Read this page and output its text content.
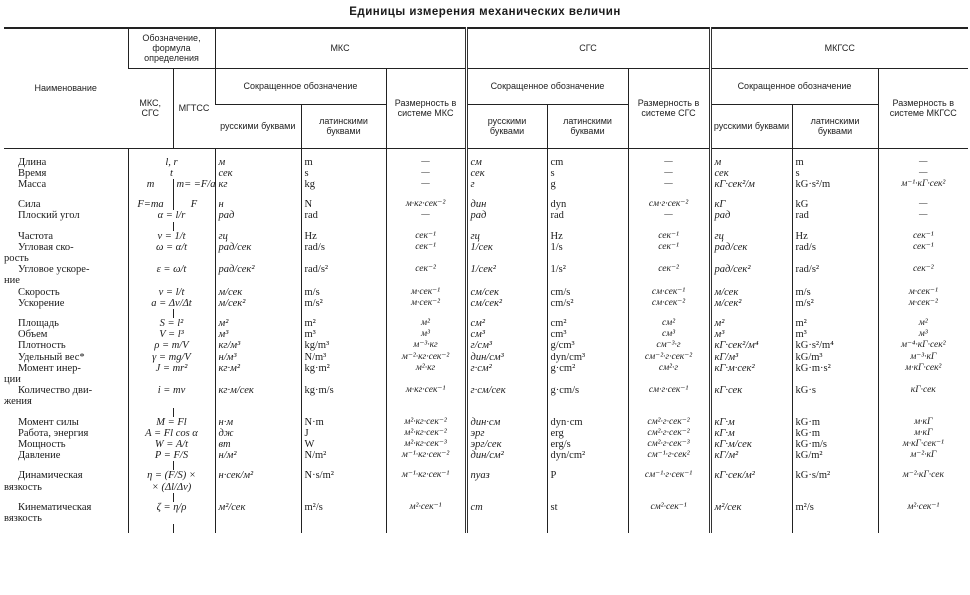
Единицы измерения механических величин
Наименование	Обозначение, формула определения		МКС			СГС			МКГСС		
	МКС, СГС	МГТСС	Сокращенное обозначение		Размерность в системе МКС	Сокращенное обозначение		Размерность в системе СГС	Сокращенное обозначение		Размерность в системе МКГСС
			русскими буквами	латинскими буквами		русскими буквами	латинскими буквами		русскими буквами	латинскими буквами	
Длина	l, r		м	m	—	см	cm	—	м	m	—
Время	t		сек	s	—	сек	s	—	сек	s	—
Масса	m	m= =F/a	кг	kg	—	г	g	—	кГ·сек²/м	kG·s²/m	м⁻¹·кГ·сек²

Сила	F=ma	F	н	N	м·кг·сек⁻²	дин	dyn	см·г·сек⁻²	кГ	kG	—
Плоский угол	α = l/r		рад	rad	—	рад	rad	—	рад	rad	—

Частота	ν = 1/t		гц	Hz	сек⁻¹	гц	Hz	сек⁻¹	гц	Hz	сек⁻¹
Угловая ско-
рость	ω = α/t		рад/сек	rad/s	сек⁻¹	1/сек	1/s	сек⁻¹	рад/сек	rad/s	сек⁻¹
Угловое ускоре-
ние	ε = ω/t		рад/сек²	rad/s²	сек⁻²	1/сек²	1/s²	сек⁻²	рад/сек²	rad/s²	сек⁻²
Скорость	v = l/t		м/сек	m/s	м·сек⁻¹	см/сек	cm/s	см·сек⁻¹	м/сек	m/s	м·сек⁻¹
Ускорение	a = Δv/Δt		м/сек²	m/s²	м·сек⁻²	см/сек²	cm/s²	см·сек⁻²	м/сек²	m/s²	м·сек⁻²

Площадь	S = l²		м²	m²	м²	см²	cm²	см²	м²	m²	м²
Объем	V = l³		м³	m³	м³	см³	cm³	см³	м³	m³	м³
Плотность	ρ = m/V		кг/м³	kg/m³	м⁻³·кг	г/см³	g/cm³	см⁻³·г	кГ·сек²/м⁴	kG·s²/m⁴	м⁻⁴·кГ·сек²
Удельный вес*	γ = mg/V		н/м³	N/m³	м⁻²·кг·сек⁻²	дин/см³	dyn/cm³	см⁻²·г·сек⁻²	кГ/м³	kG/m³	м⁻³·кГ
Момент инер-
ции	J = mr²		кг·м²	kg·m²	м²·кг	г·см²	g·cm²	см²·г	кГ·м·сек²	kG·m·s²	м·кГ·сек²
Количество дви-
жения	i = mv		кг·м/сек	kg·m/s	м·кг·сек⁻¹	г·см/сек	g·cm/s	см·г·сек⁻¹	кГ·сек	kG·s	кГ·сек

Момент силы	M = Fl		н·м	N·m	м²·кг·сек⁻²	дин·см	dyn·cm	см²·г·сек⁻²	кГ·м	kG·m	м·кГ
Работа, энергия	A = Fl cos α		дж	J	м²·кг·сек⁻²	эрг	erg	см²·г·сек⁻²	кГ·м	kG·m	м·кГ
Мощность	W = A/t		вт	W	м²·кг·сек⁻³	эрг/сек	erg/s	см²·г·сек⁻³	кГ·м/сек	kG·m/s	м·кГ·сек⁻¹
Давление	P = F/S		н/м²	N/m²	м⁻¹·кг·сек⁻²	дин/см²	dyn/cm²	см⁻¹·г·сек²	кГ/м²	kG/m²	м⁻²·кГ

Динамическая
вязкость	η = (F/S) ×
× (Δl/Δv)		н·сек/м²	N·s/m²	м⁻¹·кг·сек⁻¹	пуаз	P	см⁻¹·г·сек⁻¹	кГ·сек/м²	kG·s/m²	м⁻²·кГ·сек

Кинематическая
вязкость	ζ = η/ρ		м²/сек	m²/s	м²·сек⁻¹	ст	st	см²·сек⁻¹	м²/сек	m²/s	м²·сек⁻¹
